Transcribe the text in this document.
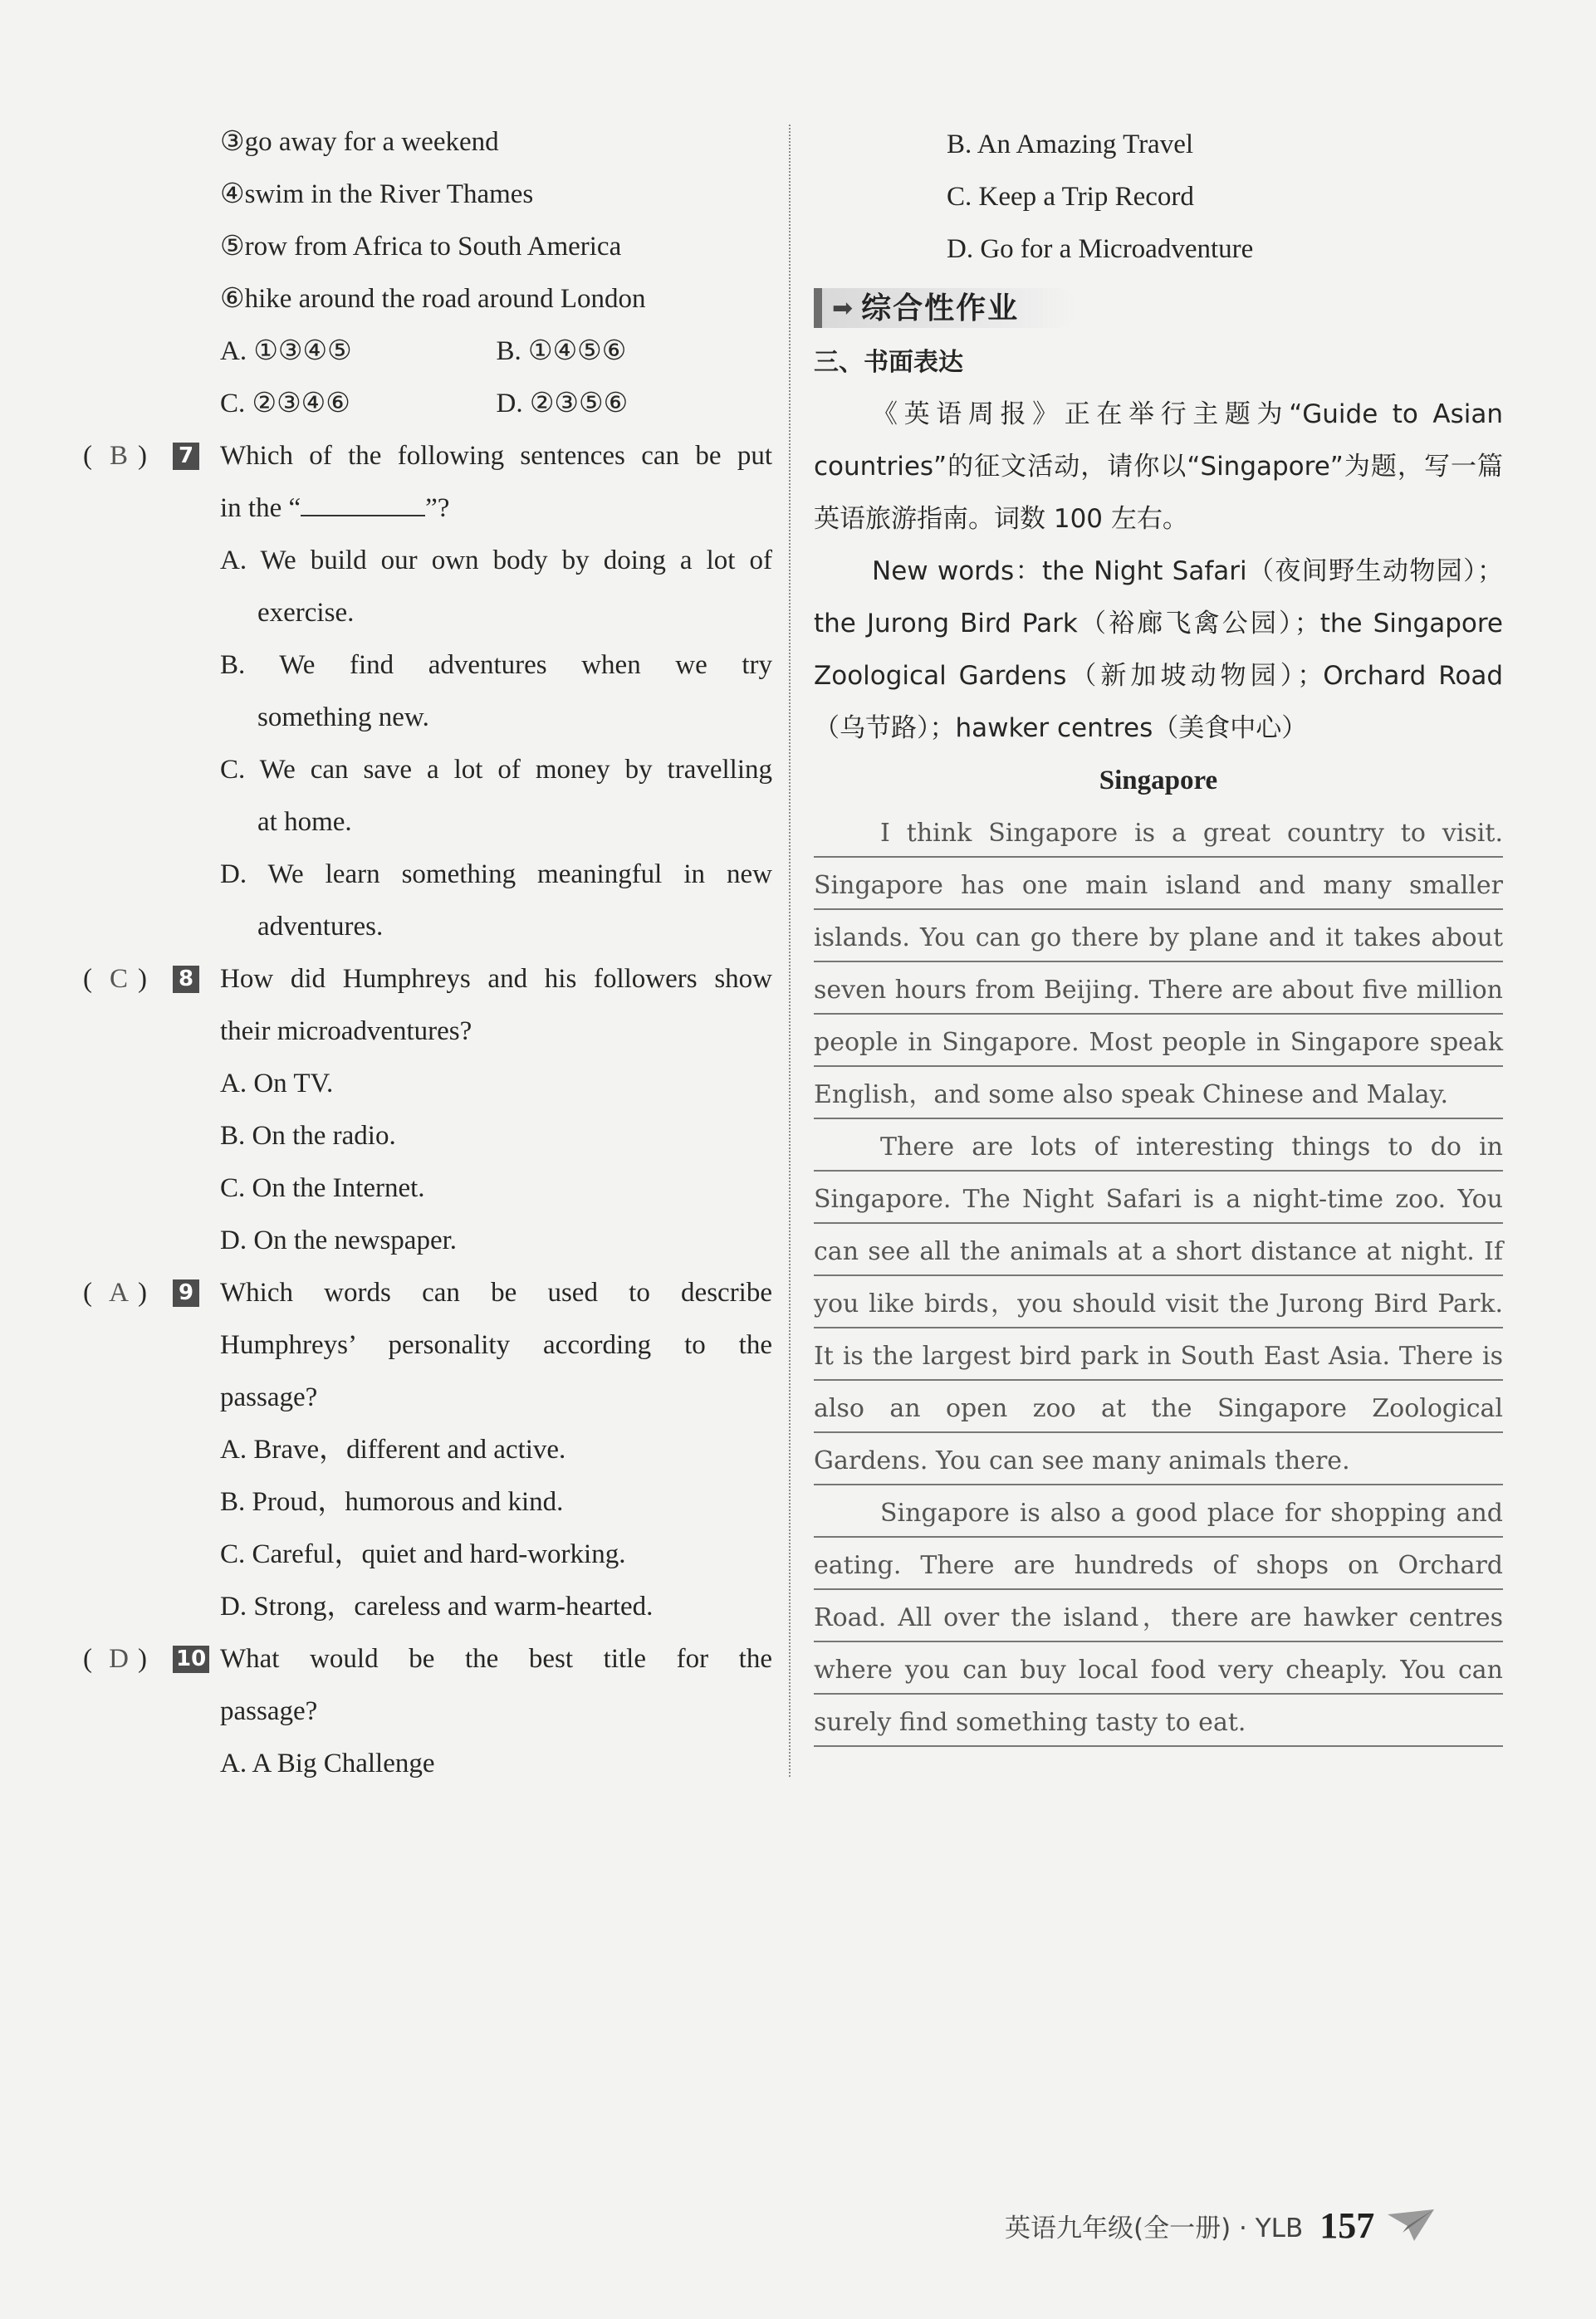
③go away for a weekend
④swim in the River Thames
⑤row from Africa to South America
⑥hike around the road around London
A. ①③④⑤	B. ①④⑤⑥
C. ②③④⑥	D. ②③⑤⑥
( B )	7 Which of the following sentences can be put
in the “	”?
A. We build our own body by doing a lot of
exercise.
B. We find adventures when we try
something new.
C. We can save a lot of money by travelling
at home.
D. We learn something meaningful in new
adventures.
( C )	8 How did Humphreys and his followers show
their microadventures?
A. On TV.
B. On the radio.
C. On the Internet.
D. On the newspaper.
( A )	9 Which words can be used to describe
Humphreys’ personality according to the
passage?
A. Brave，different and active.
B. Proud，humorous and kind.
C. Careful，quiet and hard-working.
D. Strong，careless and warm-hearted.
( D )	10 What would be the best title for the
passage?
A. A Big Challenge
B. An Amazing Travel
C. Keep a Trip Record
D. Go for a Microadventure
➡ 综合性作业
三、书面表达
《英语周报》正在举行主题为“Guide to Asian countries”的征文活动，请你以“Singapore”为题，写一篇英语旅游指南。词数 100 左右。
New words：the Night Safari（夜间野生动物园）；the Jurong Bird Park（裕廊飞禽公园）；the Singapore Zoological Gardens（新加坡动物园）；Orchard Road（乌节路）；hawker centres（美食中心）
Singapore

I think Singapore is a great country to visit. Singapore has one main island and many smaller islands. You can go there by plane and it takes about seven hours from Beijing. There are about five million people in Singapore. Most people in Singapore speak English，and some also speak Chinese and Malay.

There are lots of interesting things to do in Singapore. The Night Safari is a night-time zoo. You can see all the animals at a short distance at night. If you like birds，you should visit the Jurong Bird Park. It is the largest bird park in South East Asia. There is also an open zoo at the Singapore Zoological Gardens. You can see many animals there.

Singapore is also a good place for shopping and eating. There are hundreds of shops on Orchard Road. All over the island，there are hawker centres where you can buy local food very cheaply. You can surely find something tasty to eat.

英语九年级(全一册) · YLB 157
